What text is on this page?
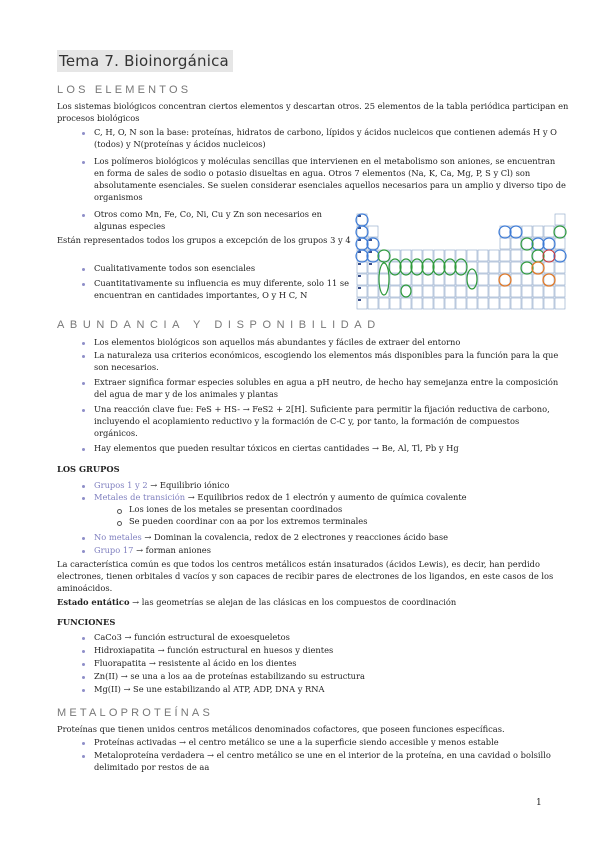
Tema 7. Bioinorgánica
LOS ELEMENTOS
Los sistemas biológicos concentran ciertos elementos y descartan otros. 25 elementos de la tabla periódica participan en
procesos biológicos
C, H, O, N son la base: proteínas, hidratos de carbono, lípidos y ácidos nucleicos que contienen además H y O
(todos) y N(proteínas y ácidos nucleicos)
Los polímeros biológicos y moléculas sencillas que intervienen en el metabolismo son aniones, se encuentran
en forma de sales de sodio o potasio disueltas en agua. Otros 7 elementos (Na, K, Ca, Mg, P, S y Cl) son
absolutamente esenciales. Se suelen considerar esenciales aquellos necesarios para un amplio y diverso tipo de
organismos
Otros como Mn, Fe, Co, Ni, Cu y Zn son necesarios en
algunas especies
Están representados todos los grupos a excepción de los grupos 3 y 4
Cualitativamente todos son esenciales
Cuantitativamente su influencia es muy diferente, solo 11 se
encuentran en cantidades importantes, O y H C, N
ABUNDANCIA Y DISPONIBILIDAD
Los elementos biológicos son aquellos más abundantes y fáciles de extraer del entorno
La naturaleza usa criterios económicos, escogiendo los elementos más disponibles para la función para la que
son necesarios.
Extraer significa formar especies solubles en agua a pH neutro, de hecho hay semejanza entre la composición
del agua de mar y de los animales y plantas
Una reacción clave fue: FeS + HS- → FeS2 + 2[H]. Suficiente para permitir la fijación reductiva de carbono,
incluyendo el acoplamiento reductivo y la formación de C-C y, por tanto, la formación de compuestos
orgánicos.
Hay elementos que pueden resultar tóxicos en ciertas cantidades → Be, Al, Tl, Pb y Hg
LOS GRUPOS
Grupos 1 y 2 → Equilibrio iónico
Metales de transición → Equilibrios redox de 1 electrón y aumento de química covalente
Los iones de los metales se presentan coordinados
Se pueden coordinar con aa por los extremos terminales
No metales → Dominan la covalencia, redox de 2 electrones y reacciones ácido base
Grupo 17 → forman aniones
La característica común es que todos los centros metálicos están insaturados (ácidos Lewis), es decir, han perdido
electrones, tienen orbitales d vacíos y son capaces de recibir pares de electrones de los ligandos, en este casos de los
aminoácidos.
Estado entático → las geometrías se alejan de las clásicas en los compuestos de coordinación
FUNCIONES
CaCo3 → función estructural de exoesqueletos
Hidroxiapatita → función estructural en huesos y dientes
Fluorapatita → resistente al ácido en los dientes
Zn(II) → se una a los aa de proteínas estabilizando su estructura
Mg(II) → Se une estabilizando al ATP, ADP, DNA y RNA
METALOPROTEÍNAS
Proteínas que tienen unidos centros metálicos denominados cofactores, que poseen funciones específicas.
Proteínas activadas → el centro metálico se une a la superficie siendo accesible y menos estable
Metaloproteína verdadera → el centro metálico se une en el interior de la proteína, en una cavidad o bolsillo
delimitado por restos de aa
1
